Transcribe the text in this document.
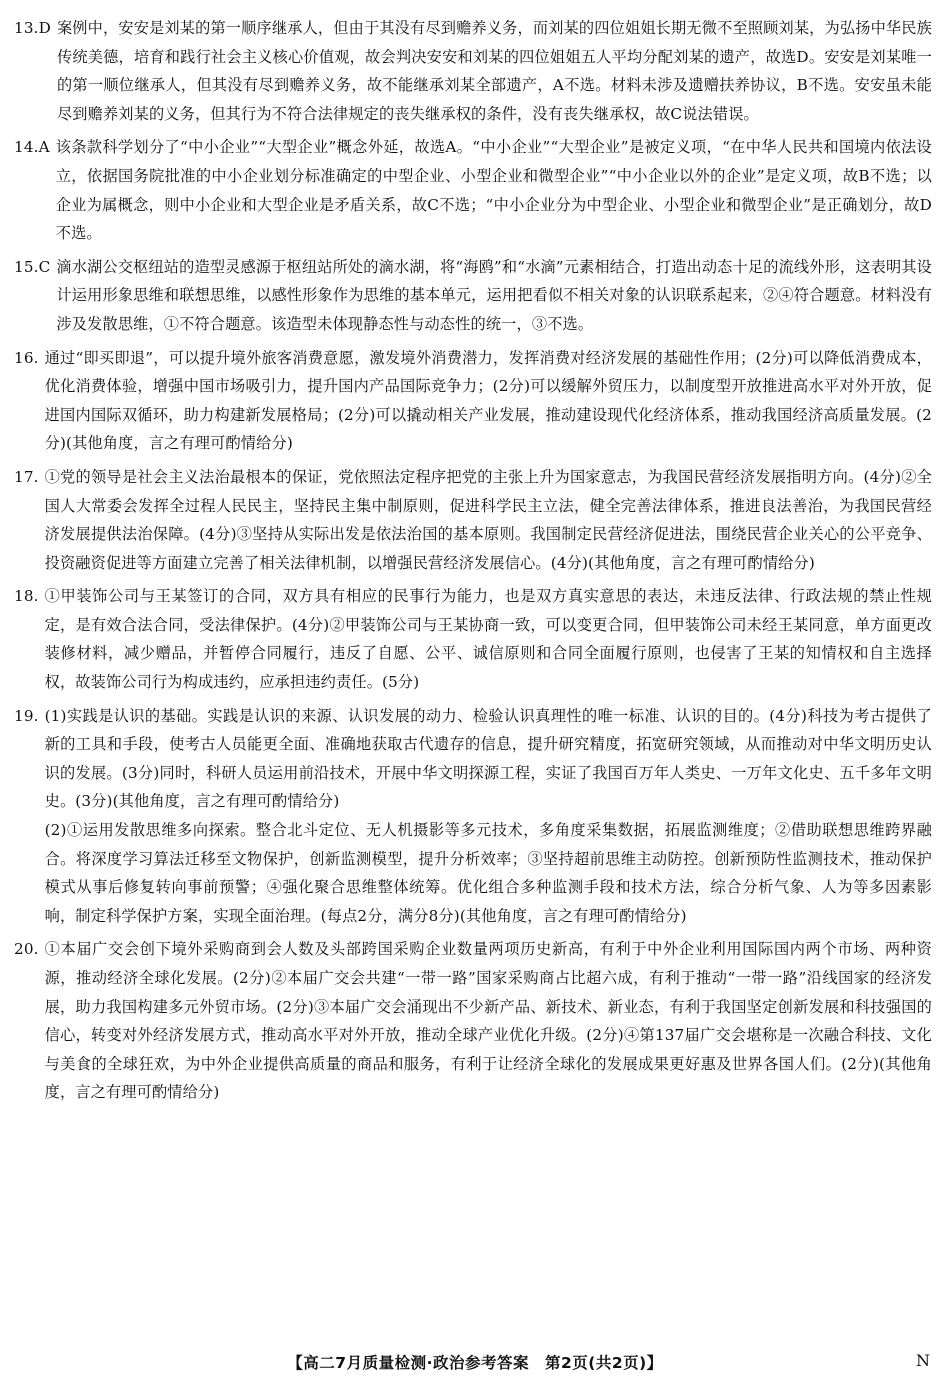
13.D 案例中，安安是刘某的第一顺序继承人，但由于其没有尽到赡养义务，而刘某的四位姐姐长期无微不至照顾刘某，为弘扬中华民族传统美德，培育和践行社会主义核心价值观，故会判决安安和刘某的四位姐姐五人平均分配刘某的遗产，故选D。安安是刘某唯一的第一顺位继承人，但其没有尽到赡养义务，故不能继承刘某全部遗产，A不选。材料未涉及遗赠扶养协议，B不选。安安虽未能尽到赡养刘某的义务，但其行为不符合法律规定的丧失继承权的条件，没有丧失继承权，故C说法错误。

14.A 该条款科学划分了“中小企业”“大型企业”概念外延，故选A。“中小企业”“大型企业”是被定义项，“在中华人民共和国境内依法设立，依据国务院批准的中小企业划分标准确定的中型企业、小型企业和微型企业”“中小企业以外的企业”是定义项，故B不选；以企业为属概念，则中小企业和大型企业是矛盾关系，故C不选；“中小企业分为中型企业、小型企业和微型企业”是正确划分，故D不选。

15.C 滴水湖公交枢纽站的造型灵感源于枢纽站所处的滴水湖，将“海鸥”和“水滴”元素相结合，打造出动态十足的流线外形，这表明其设计运用形象思维和联想思维，以感性形象作为思维的基本单元，运用把看似不相关对象的认识联系起来，②④符合题意。材料没有涉及发散思维，①不符合题意。该造型未体现静态性与动态性的统一，③不选。

16. 通过“即买即退”，可以提升境外旅客消费意愿，激发境外消费潜力，发挥消费对经济发展的基础性作用；(2分)可以降低消费成本，优化消费体验，增强中国市场吸引力，提升国内产品国际竞争力；(2分)可以缓解外贸压力，以制度型开放推进高水平对外开放，促进国内国际双循环，助力构建新发展格局；(2分)可以撬动相关产业发展，推动建设现代化经济体系，推动我国经济高质量发展。(2分)(其他角度，言之有理可酌情给分)

17. ①党的领导是社会主义法治最根本的保证，党依照法定程序把党的主张上升为国家意志，为我国民营经济发展指明方向。(4分)②全国人大常委会发挥全过程人民民主，坚持民主集中制原则，促进科学民主立法，健全完善法律体系，推进良法善治，为我国民营经济发展提供法治保障。(4分)③坚持从实际出发是依法治国的基本原则。我国制定民营经济促进法，围绕民营企业关心的公平竞争、投资融资促进等方面建立完善了相关法律机制，以增强民营经济发展信心。(4分)(其他角度，言之有理可酌情给分)

18. ①甲装饰公司与王某签订的合同，双方具有相应的民事行为能力，也是双方真实意思的表达，未违反法律、行政法规的禁止性规定，是有效合法合同，受法律保护。(4分)②甲装饰公司与王某协商一致，可以变更合同，但甲装饰公司未经王某同意，单方面更改装修材料，减少赠品，并暂停合同履行，违反了自愿、公平、诚信原则和合同全面履行原则，也侵害了王某的知情权和自主选择权，故装饰公司行为构成违约，应承担违约责任。(5分)

19. (1)实践是认识的基础。实践是认识的来源、认识发展的动力、检验认识真理性的唯一标准、认识的目的。(4分)科技为考古提供了新的工具和手段，使考古人员能更全面、准确地获取古代遗存的信息，提升研究精度，拓宽研究领域，从而推动对中华文明历史认识的发展。(3分)同时，科研人员运用前沿技术，开展中华文明探源工程，实证了我国百万年人类史、一万年文化史、五千多年文明史。(3分)(其他角度，言之有理可酌情给分)

(2)①运用发散思维多向探索。整合北斗定位、无人机摄影等多元技术，多角度采集数据，拓展监测维度；②借助联想思维跨界融合。将深度学习算法迁移至文物保护，创新监测模型，提升分析效率；③坚持超前思维主动防控。创新预防性监测技术，推动保护模式从事后修复转向事前预警；④强化聚合思维整体统筹。优化组合多种监测手段和技术方法，综合分析气象、人为等多因素影响，制定科学保护方案，实现全面治理。(每点2分，满分8分)(其他角度，言之有理可酌情给分)

20. ①本届广交会创下境外采购商到会人数及头部跨国采购企业数量两项历史新高，有利于中外企业利用国际国内两个市场、两种资源，推动经济全球化发展。(2分)②本届广交会共建“一带一路”国家采购商占比超六成，有利于推动“一带一路”沿线国家的经济发展，助力我国构建多元外贸市场。(2分)③本届广交会涌现出不少新产品、新技术、新业态，有利于我国坚定创新发展和科技强国的信心，转变对外经济发展方式，推动高水平对外开放，推动全球产业优化升级。(2分)④第137届广交会堪称是一次融合科技、文化与美食的全球狂欢，为中外企业提供高质量的商品和服务，有利于让经济全球化的发展成果更好惠及世界各国人们。(2分)(其他角度，言之有理可酌情给分)

【高二7月质量检测·政治参考答案　第2页(共2页)】	N
